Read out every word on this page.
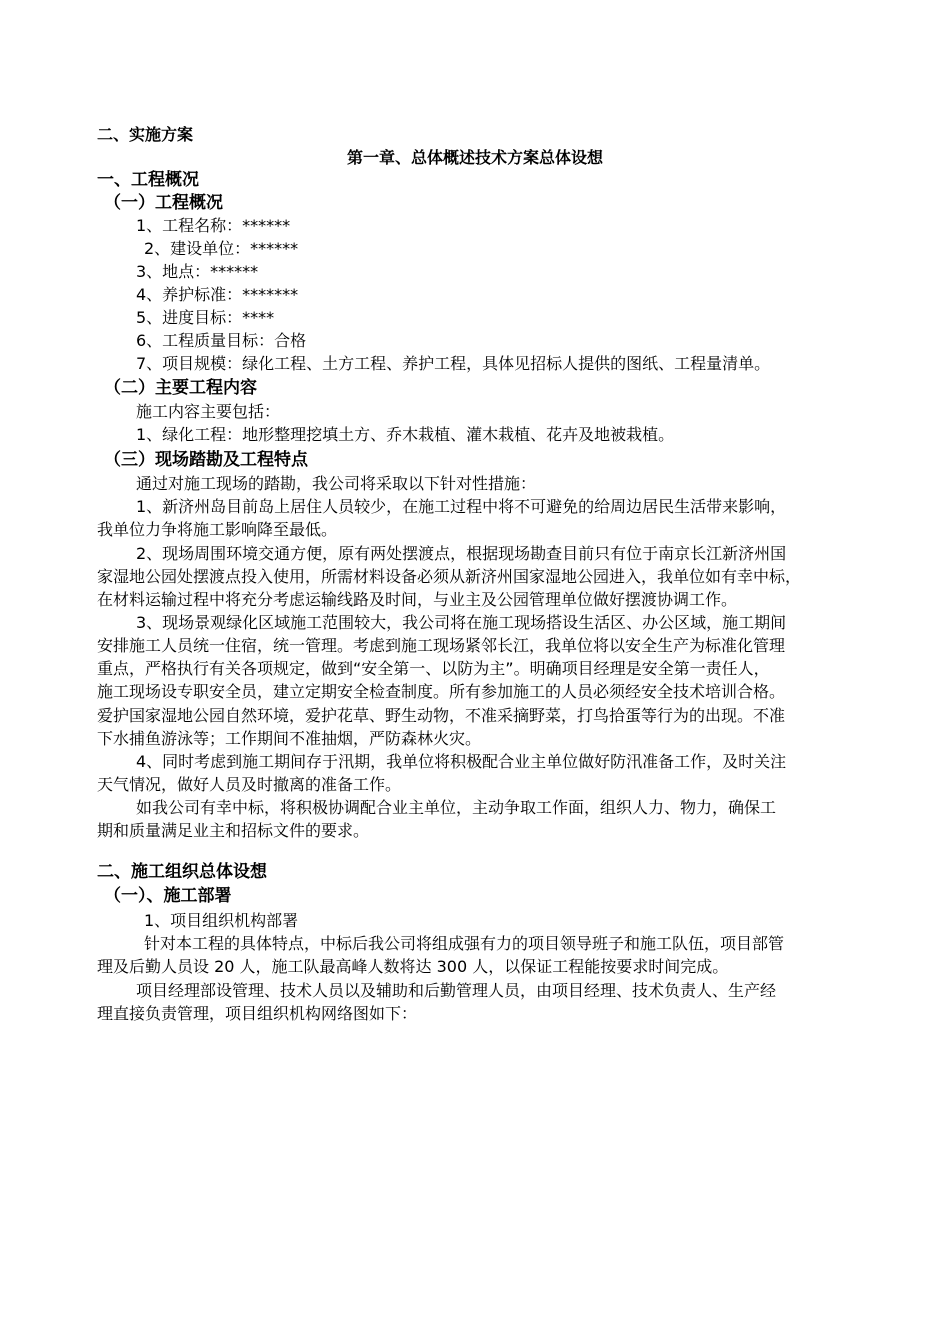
二、实施方案
第一章、总体概述技术方案总体设想
一、工程概况
（一）工程概况
1、工程名称：******
2、建设单位：******
3、地点：******
4、养护标准：*******
5、进度目标：****
6、工程质量目标：合格
7、项目规模：绿化工程、土方工程、养护工程，具体见招标人提供的图纸、工程量清单。
（二）主要工程内容
施工内容主要包括：
1、绿化工程：地形整理挖填土方、乔木栽植、灌木栽植、花卉及地被栽植。
（三）现场踏勘及工程特点
通过对施工现场的踏勘，我公司将采取以下针对性措施：
1、新济州岛目前岛上居住人员较少，在施工过程中将不可避免的给周边居民生活带来影响，
我单位力争将施工影响降至最低。
2、现场周围环境交通方便，原有两处摆渡点，根据现场勘查目前只有位于南京长江新济州国
家湿地公园处摆渡点投入使用，所需材料设备必须从新济州国家湿地公园进入，我单位如有幸中标，
在材料运输过程中将充分考虑运输线路及时间，与业主及公园管理单位做好摆渡协调工作。
3、现场景观绿化区域施工范围较大，我公司将在施工现场搭设生活区、办公区域，施工期间
安排施工人员统一住宿，统一管理。考虑到施工现场紧邻长江，我单位将以安全生产为标准化管理
重点，严格执行有关各项规定，做到“安全第一、以防为主”。明确项目经理是安全第一责任人，
施工现场设专职安全员，建立定期安全检查制度。所有参加施工的人员必须经安全技术培训合格。
爱护国家湿地公园自然环境，爱护花草、野生动物，不准采摘野菜，打鸟拾蛋等行为的出现。不准
下水捕鱼游泳等；工作期间不准抽烟，严防森林火灾。
4、同时考虑到施工期间存于汛期，我单位将积极配合业主单位做好防汛准备工作，及时关注
天气情况，做好人员及时撤离的准备工作。
如我公司有幸中标，将积极协调配合业主单位，主动争取工作面，组织人力、物力，确保工
期和质量满足业主和招标文件的要求。
二、施工组织总体设想
（一）、施工部署
1、项目组织机构部署
针对本工程的具体特点，中标后我公司将组成强有力的项目领导班子和施工队伍，项目部管
理及后勤人员设 20 人，施工队最高峰人数将达 300 人，以保证工程能按要求时间完成。
项目经理部设管理、技术人员以及辅助和后勤管理人员，由项目经理、技术负责人、生产经
理直接负责管理，项目组织机构网络图如下：
